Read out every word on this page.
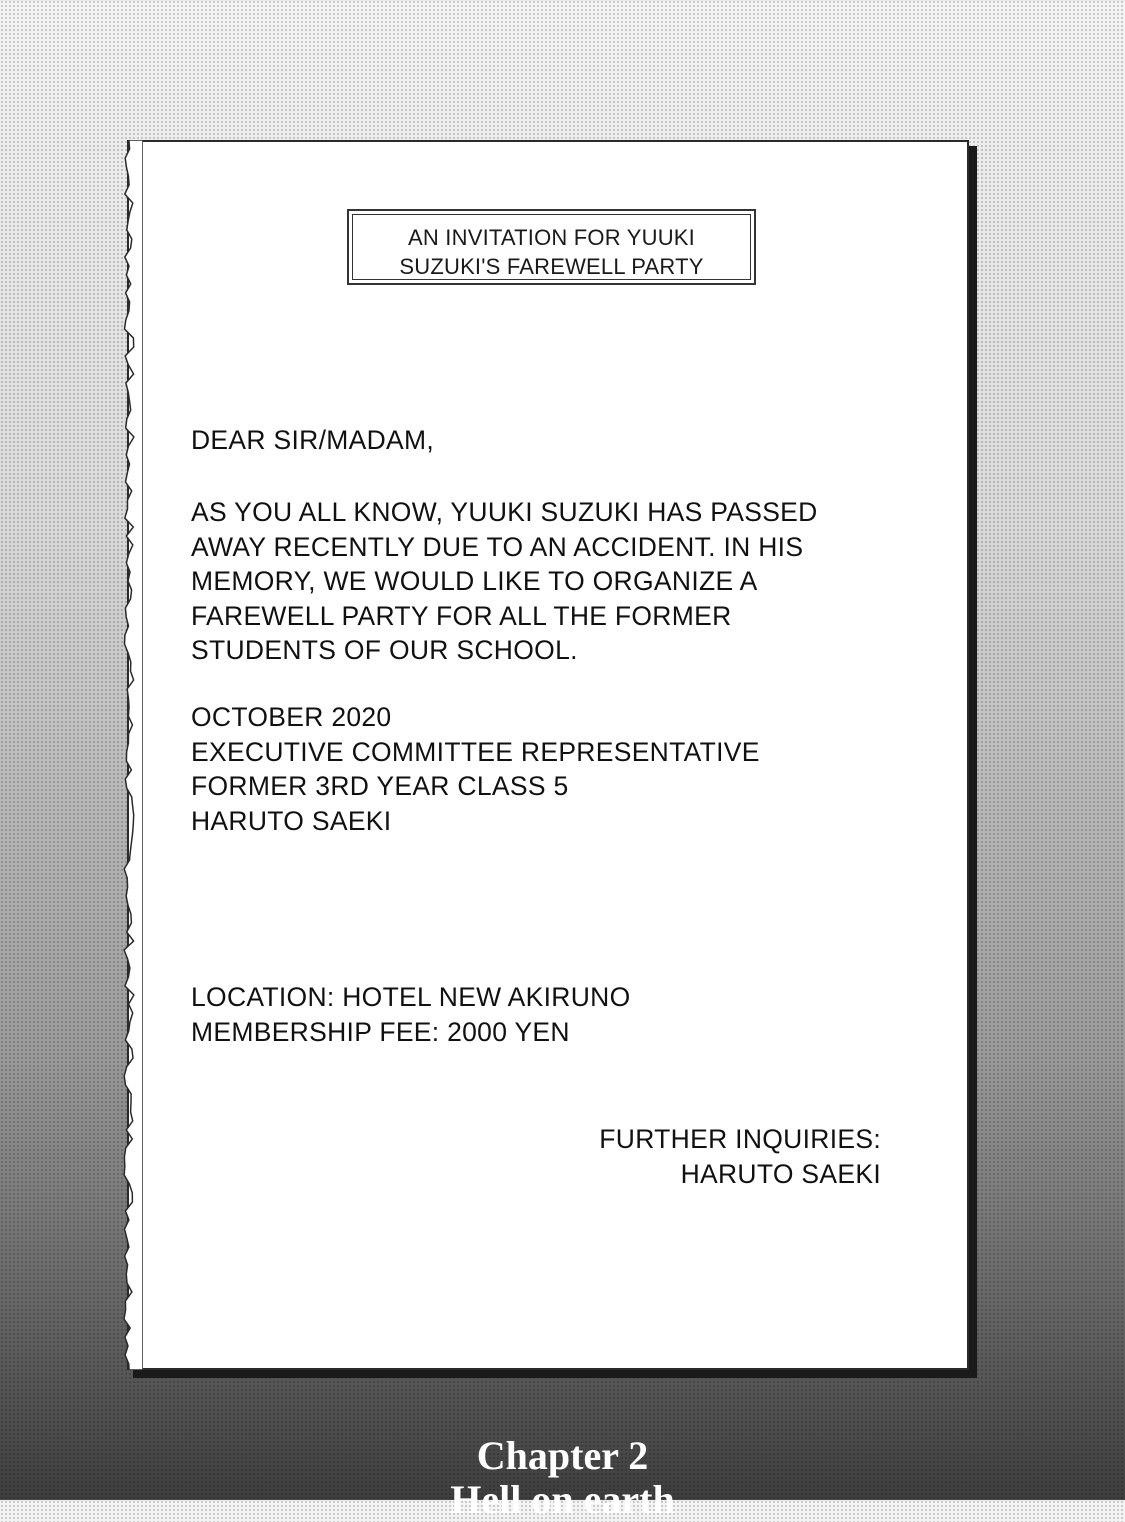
AN INVITATION FOR YUUKI
SUZUKI'S FAREWELL PARTY
DEAR SIR/MADAM,
AS YOU ALL KNOW, YUUKI SUZUKI HAS PASSED
AWAY RECENTLY DUE TO AN ACCIDENT. IN HIS
MEMORY, WE WOULD LIKE TO ORGANIZE A
FAREWELL PARTY FOR ALL THE FORMER
STUDENTS OF OUR SCHOOL.
OCTOBER 2020
EXECUTIVE COMMITTEE REPRESENTATIVE
FORMER 3RD YEAR CLASS 5
HARUTO SAEKI
LOCATION: HOTEL NEW AKIRUNO
MEMBERSHIP FEE: 2000 YEN
FURTHER INQUIRIES:
HARUTO SAEKI
Chapter 2
Hell on earth
